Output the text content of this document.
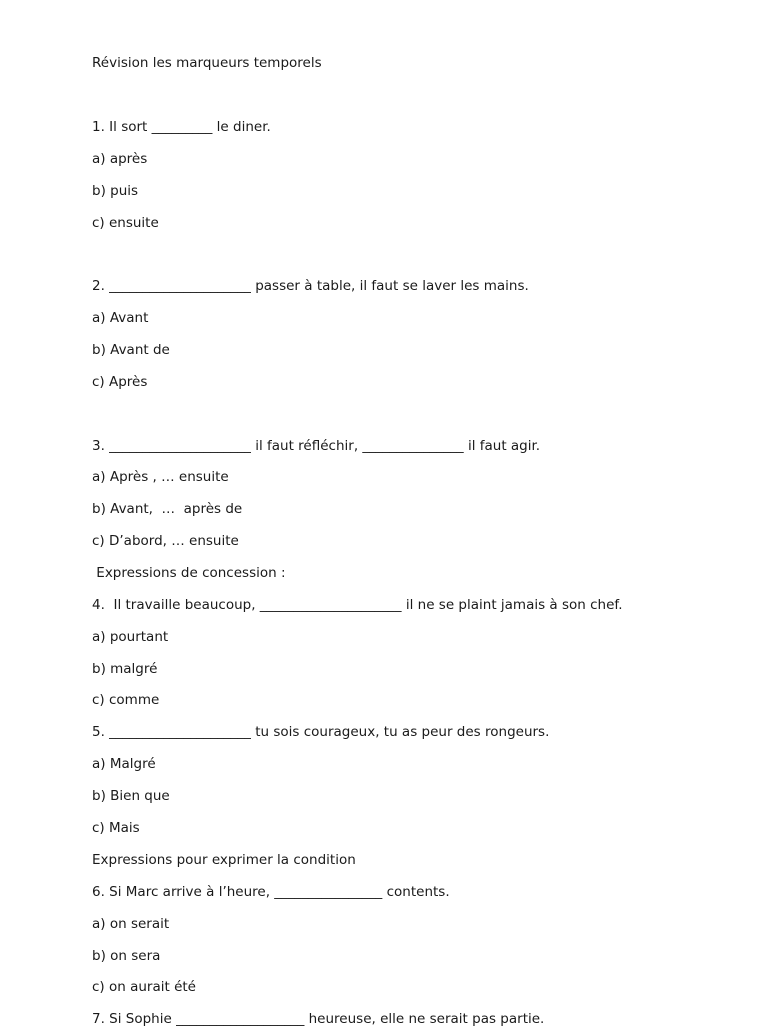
Révision les marqueurs temporels
1. Il sort _________ le diner.
a) après
b) puis
c) ensuite
2. _____________________ passer à table, il faut se laver les mains.
a) Avant
b) Avant de
c) Après
3. _____________________ il faut réfléchir, _______________ il faut agir.
a) Après , … ensuite
b) Avant,  …  après de
c) D’abord, … ensuite
Expressions de concession :
4.  Il travaille beaucoup, _____________________ il ne se plaint jamais à son chef.
a) pourtant
b) malgré
c) comme
5. _____________________ tu sois courageux, tu as peur des rongeurs.
a) Malgré
b) Bien que
c) Mais
Expressions pour exprimer la condition
6. Si Marc arrive à l’heure, ________________ contents.
a) on serait
b) on sera
c) on aurait été
7. Si Sophie ___________________ heureuse, elle ne serait pas partie.
